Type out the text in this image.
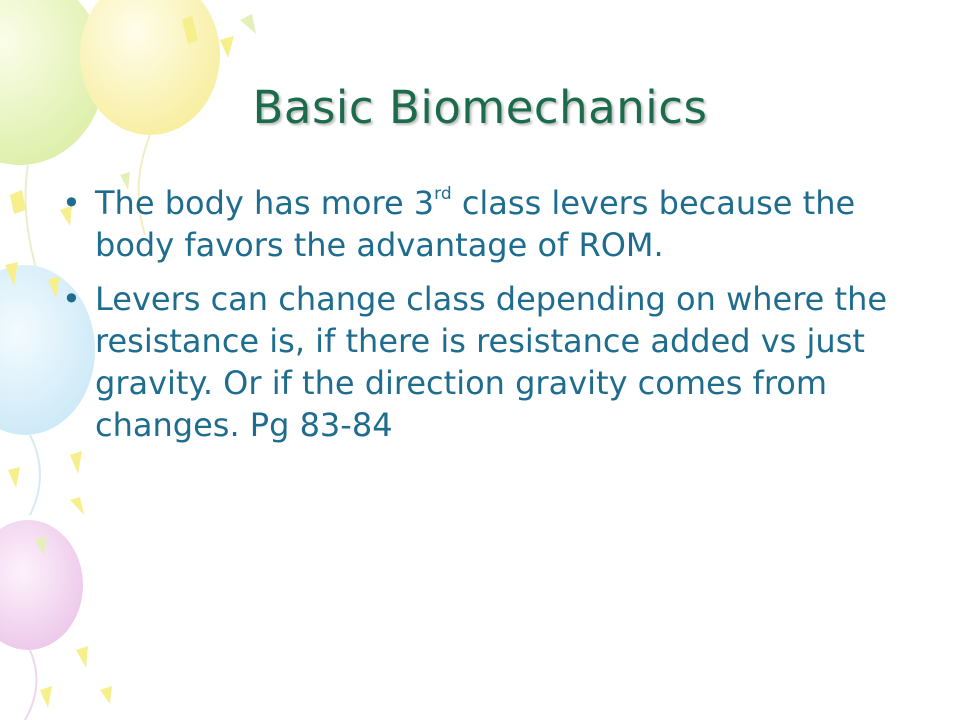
Basic Biomechanics
• The body has more 3rd class levers because the body favors the advantage of ROM.
• Levers can change class depending on where the resistance is, if there is resistance added vs just gravity. Or if the direction gravity comes from changes. Pg 83-84
